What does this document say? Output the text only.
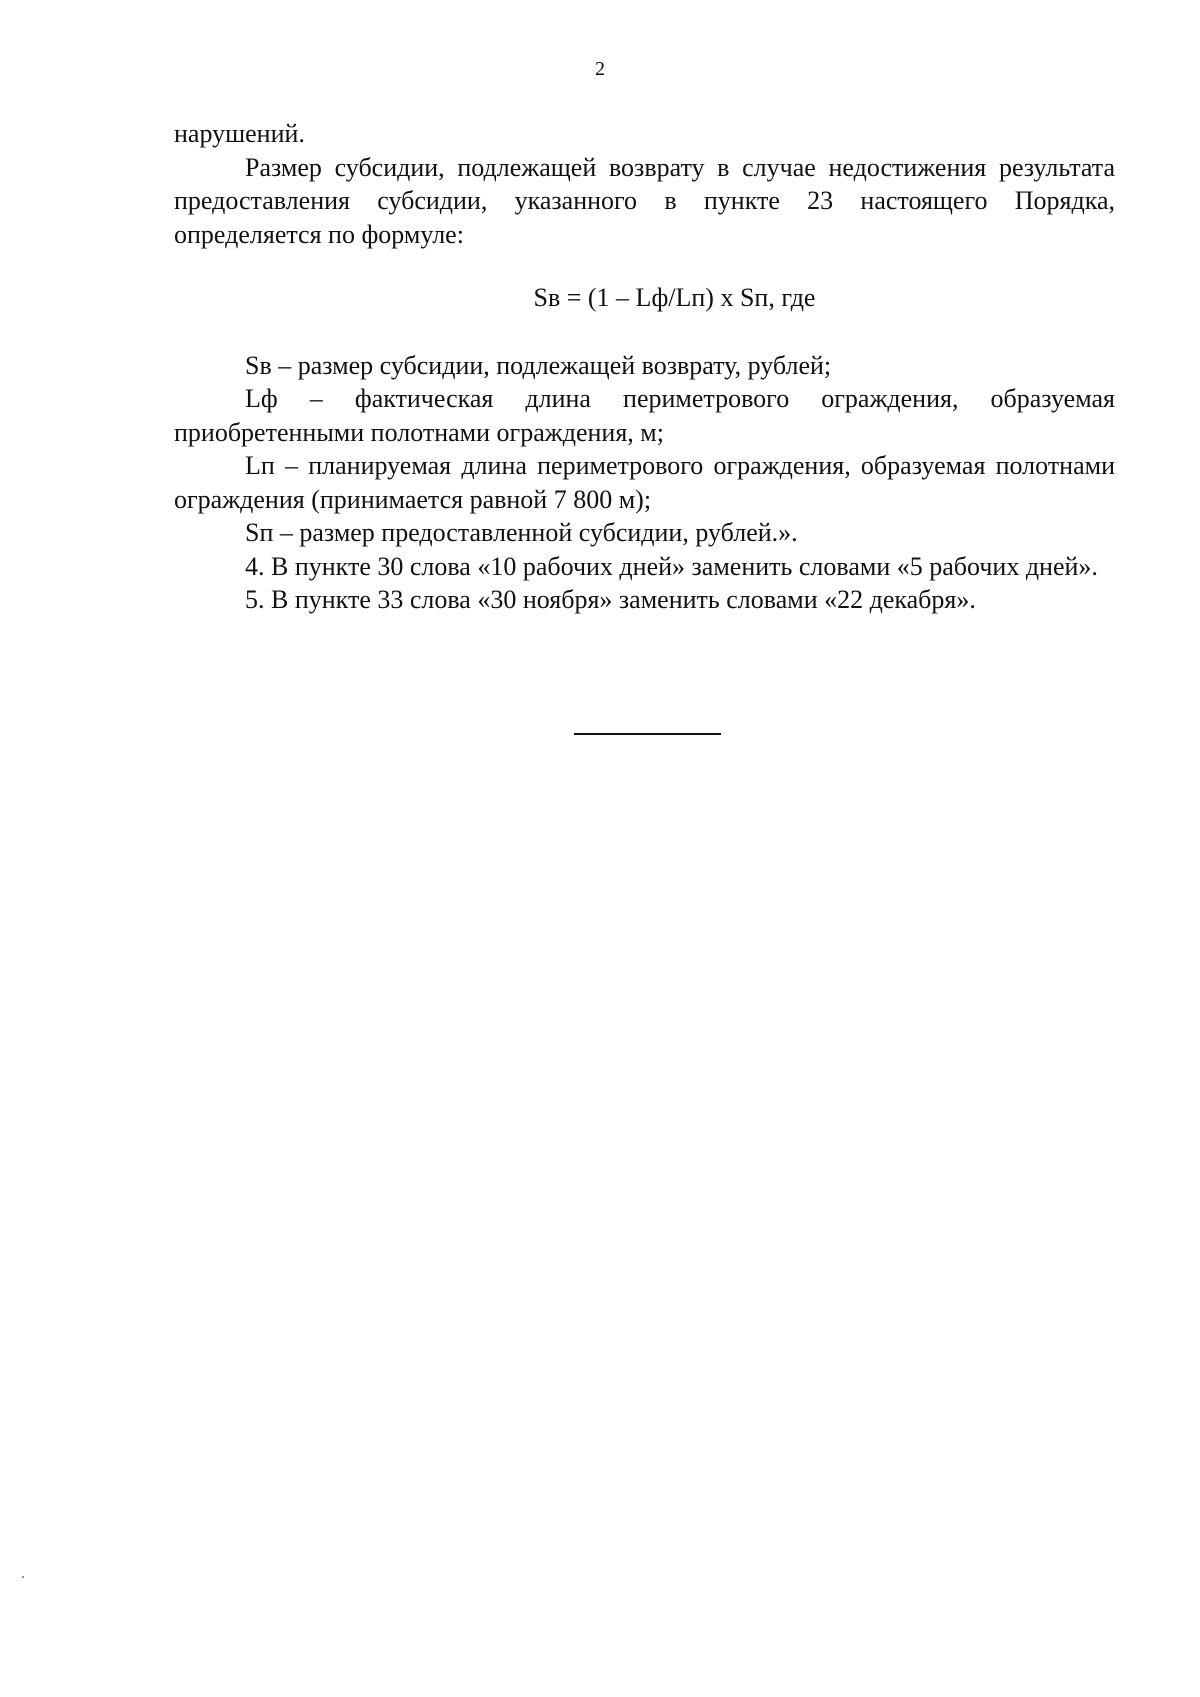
2

нарушений.

Размер субсидии, подлежащей возврату в случае недостижения результата предоставления субсидии, указанного в пункте 23 настоящего Порядка, определяется по формуле:

Sв = (1 – Lф/Lп) х Sп, где

Sв – размер субсидии, подлежащей возврату, рублей;

Lф – фактическая длина периметрового ограждения, образуемая приобретенными полотнами ограждения, м;

Lп – планируемая длина периметрового ограждения, образуемая полотнами ограждения (принимается равной 7 800 м);

Sп – размер предоставленной субсидии, рублей.».

4. В пункте 30 слова «10 рабочих дней» заменить словами «5 рабочих дней».

5. В пункте 33 слова «30 ноября» заменить словами «22 декабря».
